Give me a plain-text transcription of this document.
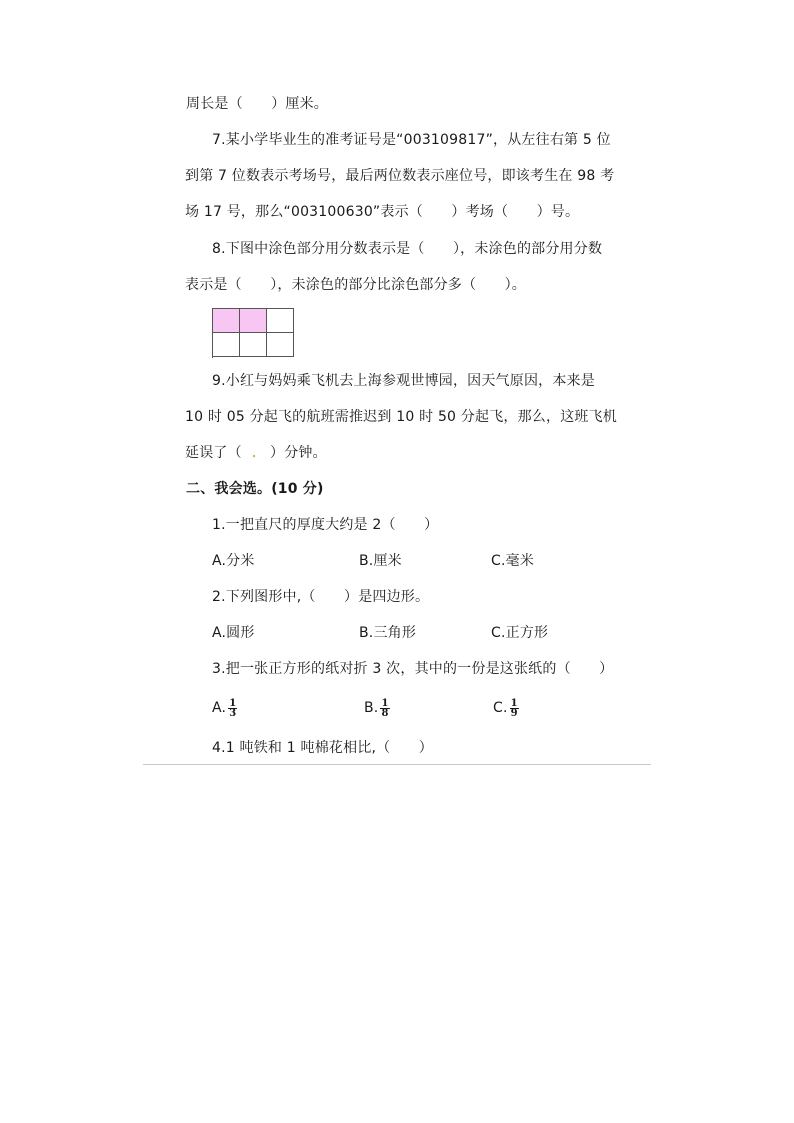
周长是（　　）厘米。
7.某小学毕业生的准考证号是“003109817”，从左往右第 5 位
到第 7 位数表示考场号，最后两位数表示座位号，即该考生在 98 考
场 17 号，那么“003100630”表示（　　）考场（　　）号。
8.下图中涂色部分用分数表示是（　　），未涂色的部分用分数
表示是（　　），未涂色的部分比涂色部分多（　　）。
9.小红与妈妈乘飞机去上海参观世博园，因天气原因，本来是
10 时 05 分起飞的航班需推迟到 10 时 50 分起飞，那么，这班飞机
延误了（ ． ）分钟。
二、我会选。(10 分)
1.一把直尺的厚度大约是 2（　　）
A.分米	B.厘米	C.毫米
2.下列图形中,（　　）是四边形。
A.圆形	B.三角形	C.正方形
3.把一张正方形的纸对折 3 次，其中的一份是这张纸的（　　）
A. $\frac{1}{3}$	B. $\frac{1}{8}$	C. $\frac{1}{9}$
4.1 吨铁和 1 吨棉花相比,（　　）
